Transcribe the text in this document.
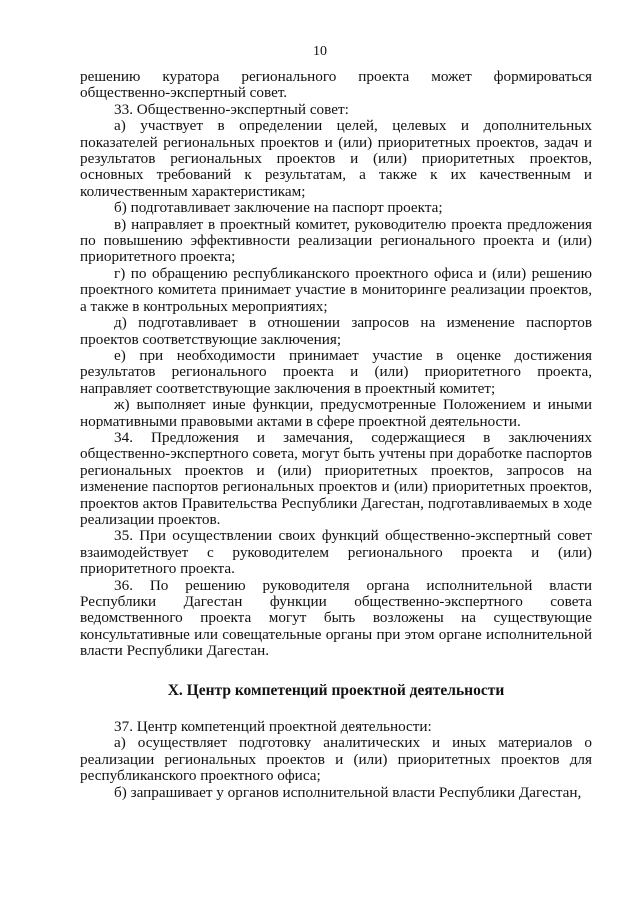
10

решению куратора регионального проекта может формироваться общественно-экспертный совет.

33. Общественно-экспертный совет:

а) участвует в определении целей, целевых и дополнительных показателей региональных проектов и (или) приоритетных проектов, задач и результатов региональных проектов и (или) приоритетных проектов, основных требований к результатам, а также к их качественным и количественным характеристикам;

б) подготавливает заключение на паспорт проекта;

в) направляет в проектный комитет, руководителю проекта предложения по повышению эффективности реализации регионального проекта и (или) приоритетного проекта;

г) по обращению республиканского проектного офиса и (или) решению проектного комитета принимает участие в мониторинге реализации проектов, а также в контрольных мероприятиях;

д) подготавливает в отношении запросов на изменение паспортов проектов соответствующие заключения;

е) при необходимости принимает участие в оценке достижения результатов регионального проекта и (или) приоритетного проекта, направляет соответствующие заключения в проектный комитет;

ж) выполняет иные функции, предусмотренные Положением и иными нормативными правовыми актами в сфере проектной деятельности.

34. Предложения и замечания, содержащиеся в заключениях общественно-экспертного совета, могут быть учтены при доработке паспортов региональных проектов и (или) приоритетных проектов, запросов на изменение паспортов региональных проектов и (или) приоритетных проектов, проектов актов Правительства Республики Дагестан, подготавливаемых в ходе реализации проектов.

35. При осуществлении своих функций общественно-экспертный совет взаимодействует с руководителем регионального проекта и (или) приоритетного проекта.

36. По решению руководителя органа исполнительной власти Республики Дагестан функции общественно-экспертного совета ведомственного проекта могут быть возложены на существующие консультативные или совещательные органы при этом органе исполнительной власти Республики Дагестан.

X. Центр компетенций проектной деятельности

37. Центр компетенций проектной деятельности:

а) осуществляет подготовку аналитических и иных материалов о реализации региональных проектов и (или) приоритетных проектов для республиканского проектного офиса;

б) запрашивает у органов исполнительной власти Республики Дагестан,
